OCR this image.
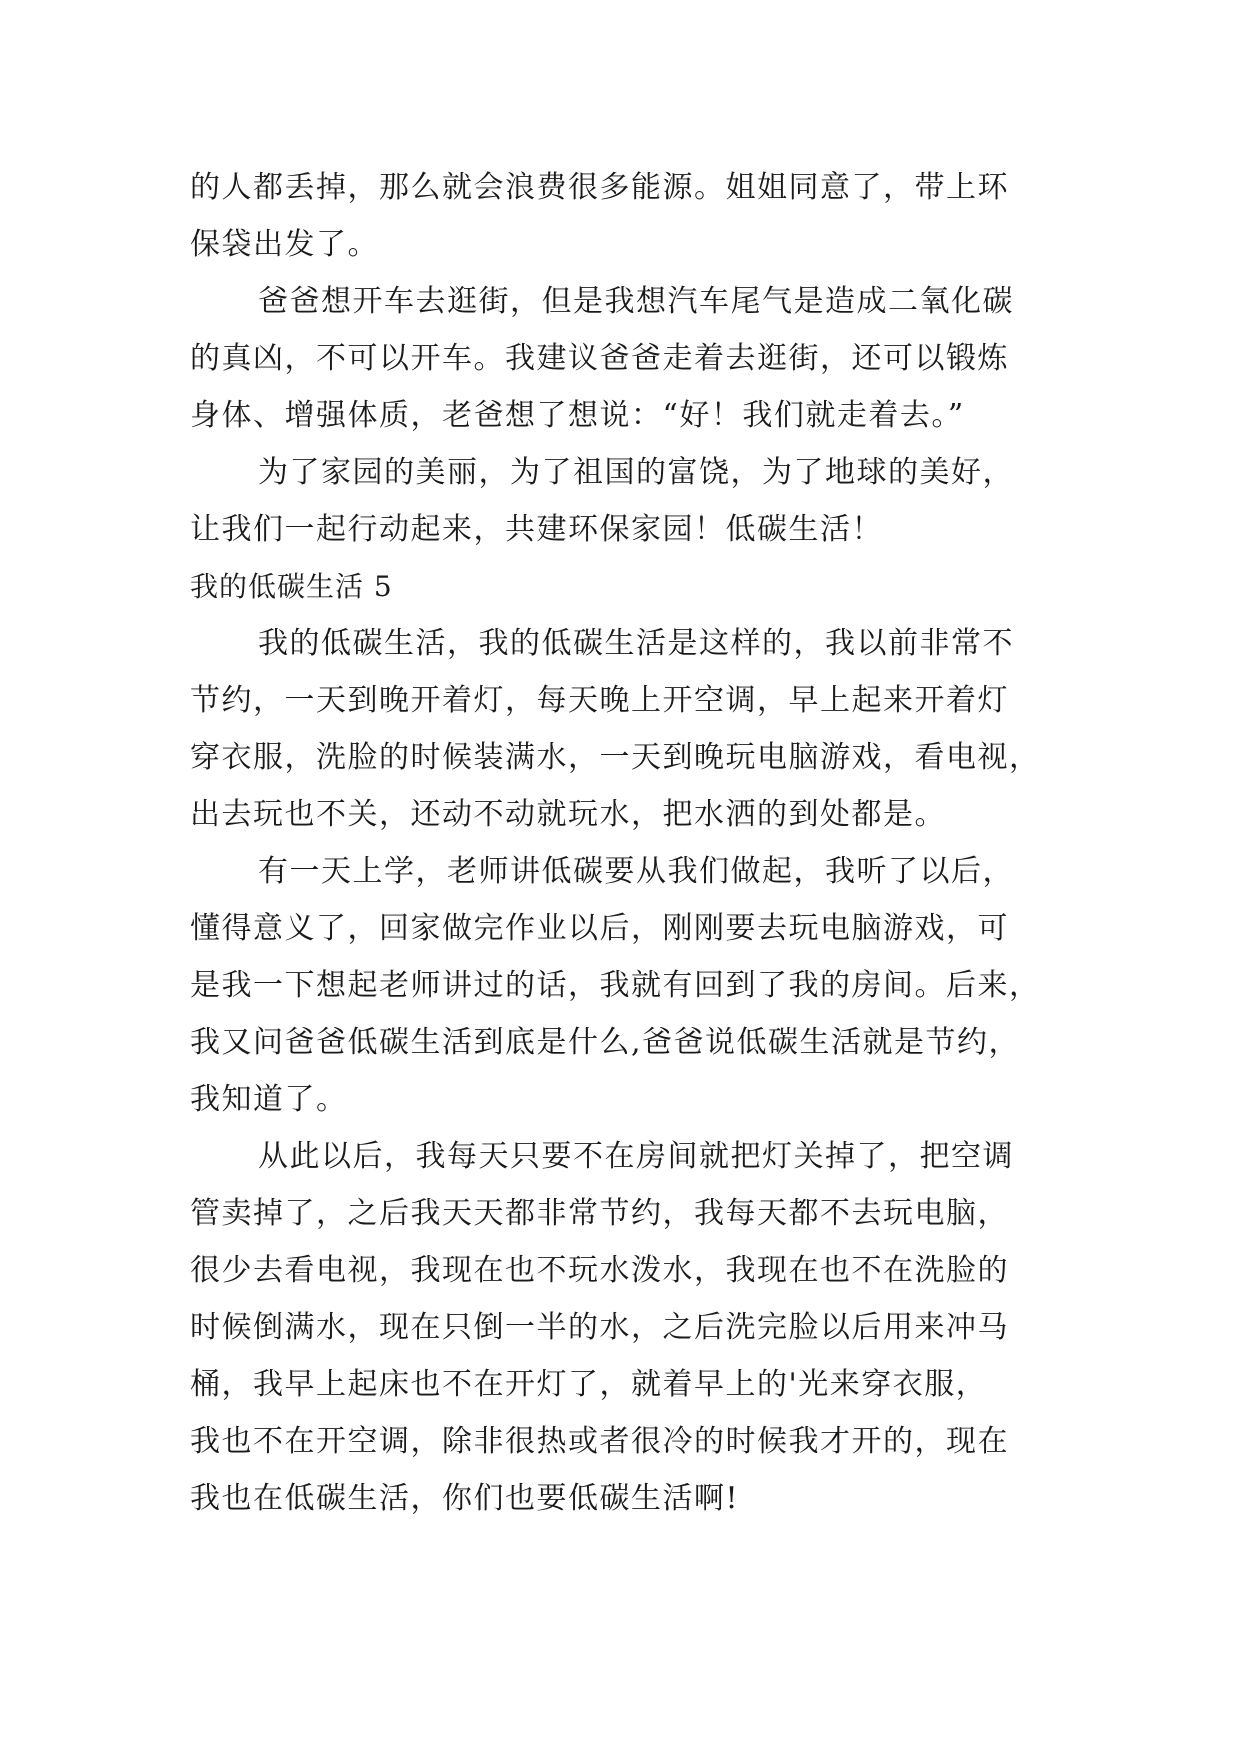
的人都丢掉，那么就会浪费很多能源。姐姐同意了，带上环
保袋出发了。
爸爸想开车去逛街，但是我想汽车尾气是造成二氧化碳
的真凶，不可以开车。我建议爸爸走着去逛街，还可以锻炼
身体、增强体质，老爸想了想说：“好！我们就走着去。”
为了家园的美丽，为了祖国的富饶，为了地球的美好，
让我们一起行动起来，共建环保家园！低碳生活！
我的低碳生活 5
我的低碳生活，我的低碳生活是这样的，我以前非常不
节约，一天到晚开着灯，每天晚上开空调，早上起来开着灯
穿衣服，洗脸的时候装满水，一天到晚玩电脑游戏，看电视，
出去玩也不关，还动不动就玩水，把水洒的到处都是。
有一天上学，老师讲低碳要从我们做起，我听了以后，
懂得意义了，回家做完作业以后，刚刚要去玩电脑游戏，可
是我一下想起老师讲过的话，我就有回到了我的房间。后来，
我又问爸爸低碳生活到底是什么,爸爸说低碳生活就是节约，
我知道了。
从此以后，我每天只要不在房间就把灯关掉了，把空调
管卖掉了，之后我天天都非常节约，我每天都不去玩电脑，
很少去看电视，我现在也不玩水泼水，我现在也不在洗脸的
时候倒满水，现在只倒一半的水，之后洗完脸以后用来冲马
桶，我早上起床也不在开灯了，就着早上的'光来穿衣服，
我也不在开空调，除非很热或者很冷的时候我才开的，现在
我也在低碳生活，你们也要低碳生活啊!
